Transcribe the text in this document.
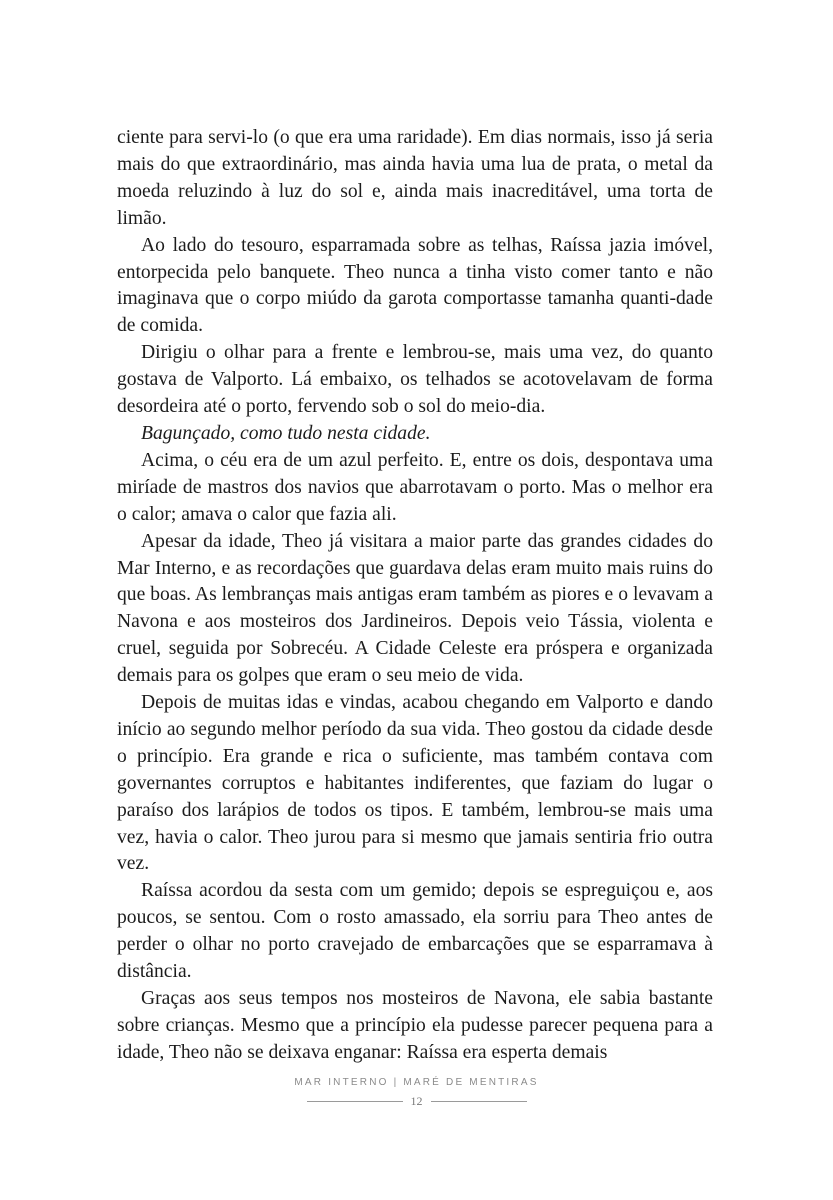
ciente para servi-lo (o que era uma raridade). Em dias normais, isso já seria mais do que extraordinário, mas ainda havia uma lua de prata, o metal da moeda reluzindo à luz do sol e, ainda mais inacreditável, uma torta de limão.

Ao lado do tesouro, esparramada sobre as telhas, Raíssa jazia imóvel, entorpecida pelo banquete. Theo nunca a tinha visto comer tanto e não imaginava que o corpo miúdo da garota comportasse tamanha quanti-dade de comida.

Dirigiu o olhar para a frente e lembrou-se, mais uma vez, do quanto gostava de Valporto. Lá embaixo, os telhados se acotovelavam de forma desordeira até o porto, fervendo sob o sol do meio-dia.

Bagunçado, como tudo nesta cidade.

Acima, o céu era de um azul perfeito. E, entre os dois, despontava uma miríade de mastros dos navios que abarrotavam o porto. Mas o melhor era o calor; amava o calor que fazia ali.

Apesar da idade, Theo já visitara a maior parte das grandes cidades do Mar Interno, e as recordações que guardava delas eram muito mais ruins do que boas. As lembranças mais antigas eram também as piores e o levavam a Navona e aos mosteiros dos Jardineiros. Depois veio Tássia, violenta e cruel, seguida por Sobrecéu. A Cidade Celeste era próspera e organizada demais para os golpes que eram o seu meio de vida.

Depois de muitas idas e vindas, acabou chegando em Valporto e dando início ao segundo melhor período da sua vida. Theo gostou da cidade desde o princípio. Era grande e rica o suficiente, mas também contava com governantes corruptos e habitantes indiferentes, que faziam do lugar o paraíso dos larápios de todos os tipos. E também, lembrou-se mais uma vez, havia o calor. Theo jurou para si mesmo que jamais sentiria frio outra vez.

Raíssa acordou da sesta com um gemido; depois se espreguiçou e, aos poucos, se sentou. Com o rosto amassado, ela sorriu para Theo antes de perder o olhar no porto cravejado de embarcações que se esparramava à distância.

Graças aos seus tempos nos mosteiros de Navona, ele sabia bastante sobre crianças. Mesmo que a princípio ela pudesse parecer pequena para a idade, Theo não se deixava enganar: Raíssa era esperta demais

MAR INTERNO | MARÉ DE MENTIRAS
12
